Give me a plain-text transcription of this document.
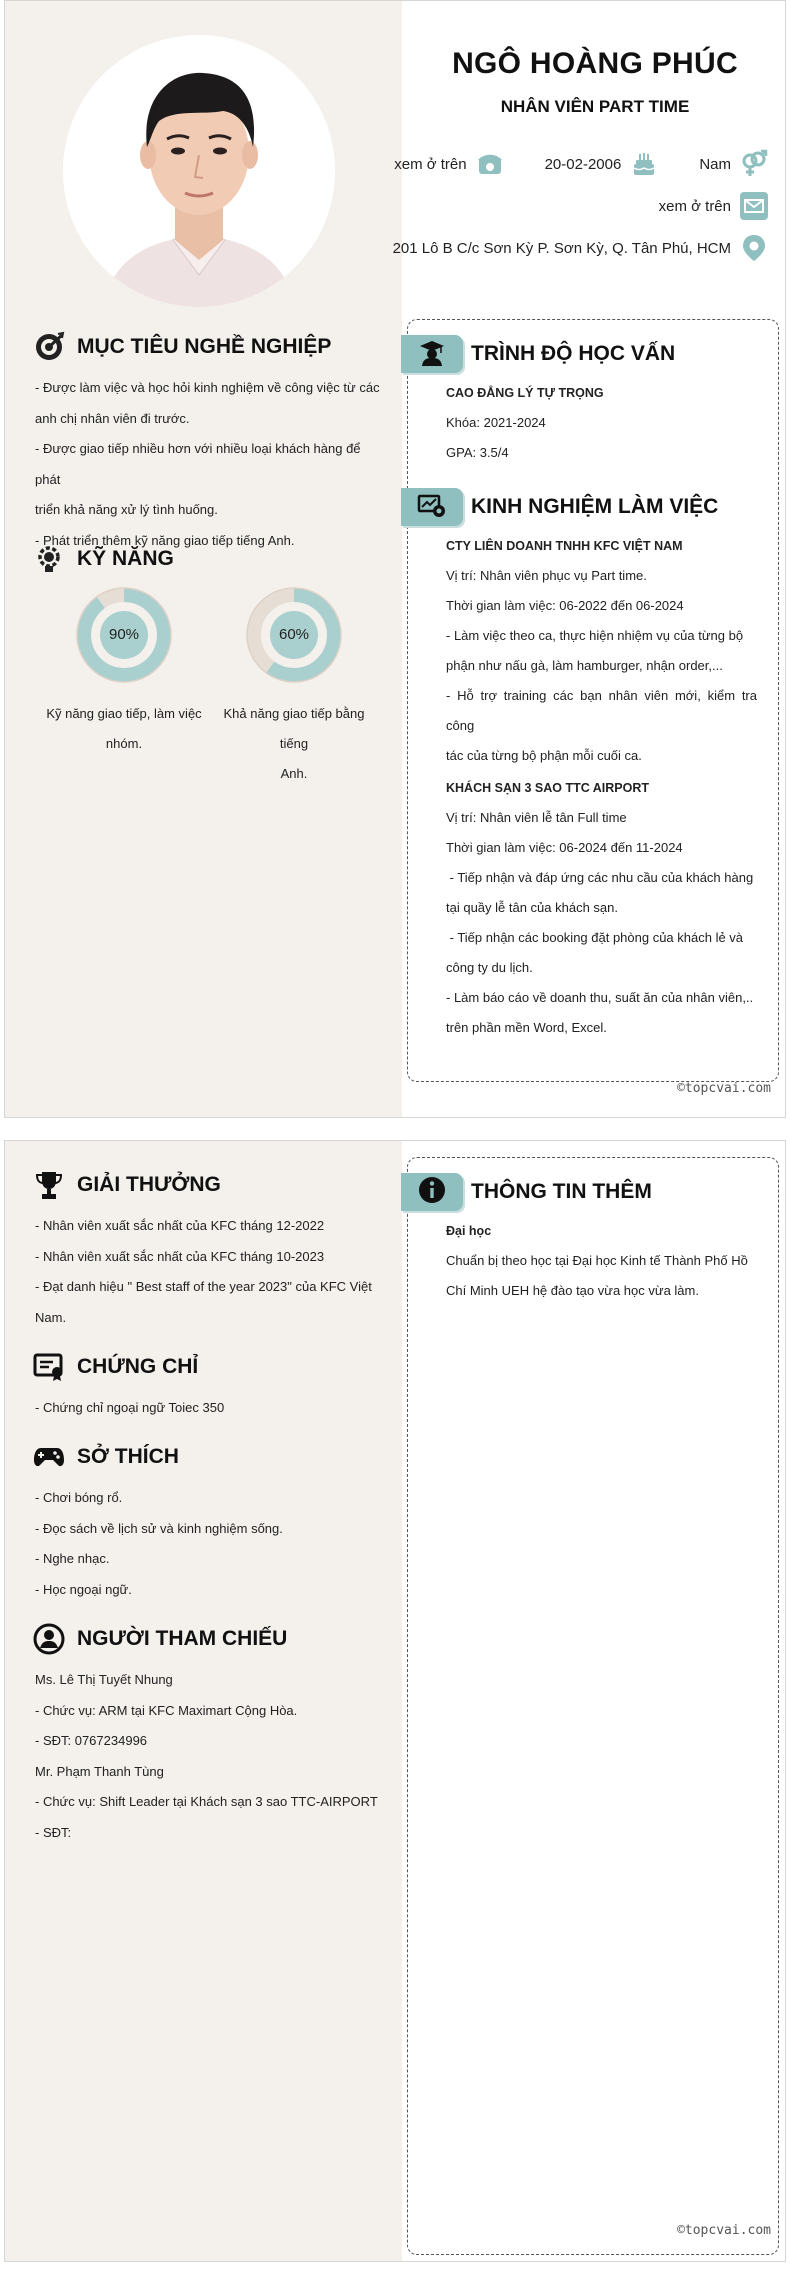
NGÔ HOÀNG PHÚC
NHÂN VIÊN PART TIME
xem ở trên	20-02-2006	Nam
xem ở trên
201 Lô B C/c Sơn Kỳ P. Sơn Kỳ, Q. Tân Phú, HCM
MỤC TIÊU NGHỀ NGHIỆP

- Được làm việc và học hỏi kinh nghiệm về công việc từ các

anh chị nhân viên đi trước.

- Được giao tiếp nhiều hơn với nhiều loại khách hàng để phát

triển khả năng xử lý tình huống.

- Phát triển thêm kỹ năng giao tiếp tiếng Anh.

KỸ NĂNG
90%

Kỹ năng giao tiếp, làm việc

nhóm.

60%

Khả năng giao tiếp bằng tiếng

Anh.

TRÌNH ĐỘ HỌC VẤN

CAO ĐẲNG LÝ TỰ TRỌNG

Khóa: 2021-2024

GPA: 3.5/4

KINH NGHIỆM LÀM VIỆC

CTY LIÊN DOANH TNHH KFC VIỆT NAM

Vị trí: Nhân viên phục vụ Part time.

Thời gian làm việc: 06-2022 đến 06-2024

- Làm việc theo ca, thực hiện nhiệm vụ của từng bộ

phận như nấu gà, làm hamburger, nhận order,...

- Hỗ trợ training các bạn nhân viên mới, kiểm tra công

tác của từng bộ phận mỗi cuối ca.

KHÁCH SẠN 3 SAO TTC AIRPORT

Vị trí: Nhân viên lễ tân Full time

Thời gian làm việc: 06-2024 đến 11-2024

- Tiếp nhận và đáp ứng các nhu cầu của khách hàng

tại quầy lễ tân của khách sạn.

- Tiếp nhận các booking đặt phòng của khách lẻ và

công ty du lịch.

- Làm báo cáo về doanh thu, suất ăn của nhân viên,..

trên phần mền Word, Excel.

©topcvai.com
GIẢI THƯỞNG

- Nhân viên xuất sắc nhất của KFC tháng 12-2022

- Nhân viên xuất sắc nhất của KFC tháng 10-2023

- Đạt danh hiệu " Best staff of the year 2023" của KFC Việt

Nam.

CHỨNG CHỈ

- Chứng chỉ ngoại ngữ Toiec 350

SỞ THÍCH

- Chơi bóng rổ.

- Đọc sách về lịch sử và kinh nghiệm sống.

- Nghe nhạc.

- Học ngoại ngữ.

NGƯỜI THAM CHIẾU

Ms. Lê Thị Tuyết Nhung

- Chức vụ: ARM tại KFC Maximart Cộng Hòa.

- SĐT: 0767234996

Mr. Phạm Thanh Tùng

- Chức vụ: Shift Leader tại Khách sạn 3 sao TTC-AIRPORT

- SĐT:

THÔNG TIN THÊM

Đại học

Chuẩn bị theo học tại Đại học Kinh tế Thành Phố Hồ

Chí Minh UEH hệ đào tạo vừa học vừa làm.

©topcvai.com
